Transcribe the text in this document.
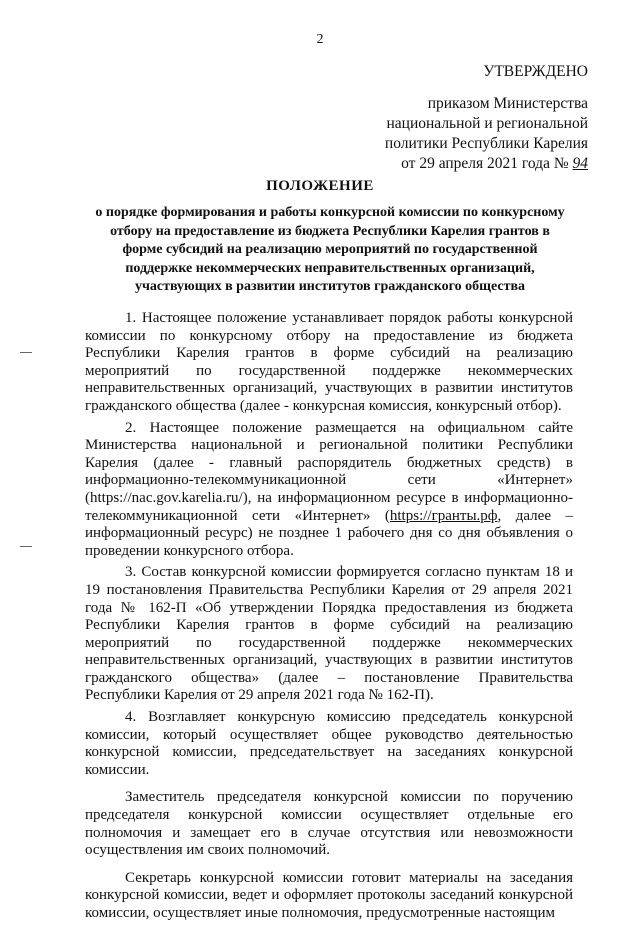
2
УТВЕРЖДЕНО
приказом Министерства
национальной и региональной
политики Республики Карелия
от 29 апреля 2021 года № 94
ПОЛОЖЕНИЕ
о порядке формирования и работы конкурсной комиссии по конкурсному отбору на предоставление из бюджета Республики Карелия грантов в форме субсидий на реализацию мероприятий по государственной поддержке некоммерческих неправительственных организаций, участвующих в развитии институтов гражданского общества

1. Настоящее положение устанавливает порядок работы конкурсной комиссии по конкурсному отбору на предоставление из бюджета Республики Карелия грантов в форме субсидий на реализацию мероприятий по государственной поддержке некоммерческих неправительственных организаций, участвующих в развитии институтов гражданского общества (далее - конкурсная комиссия, конкурсный отбор).

2. Настоящее положение размещается на официальном сайте Министерства национальной и региональной политики Республики Карелия (далее - главный распорядитель бюджетных средств) в информационно-телекоммуникационной сети «Интернет» (https://nac.gov.karelia.ru/), на информационном ресурсе в информационно-телекоммуникационной сети «Интернет» (https://гранты.рф, далее – информационный ресурс) не позднее 1 рабочего дня со дня объявления о проведении конкурсного отбора.

3. Состав конкурсной комиссии формируется согласно пунктам 18 и 19 постановления Правительства Республики Карелия от 29 апреля 2021 года № 162-П «Об утверждении Порядка предоставления из бюджета Республики Карелия грантов в форме субсидий на реализацию мероприятий по государственной поддержке некоммерческих неправительственных организаций, участвующих в развитии институтов гражданского общества» (далее – постановление Правительства Республики Карелия от 29 апреля 2021 года № 162-П).

4. Возглавляет конкурсную комиссию председатель конкурсной комиссии, который осуществляет общее руководство деятельностью конкурсной комиссии, председательствует на заседаниях конкурсной комиссии.

Заместитель председателя конкурсной комиссии по поручению председателя конкурсной комиссии осуществляет отдельные его полномочия и замещает его в случае отсутствия или невозможности осуществления им своих полномочий.

Секретарь конкурсной комиссии готовит материалы на заседания конкурсной комиссии, ведет и оформляет протоколы заседаний конкурсной комиссии, осуществляет иные полномочия, предусмотренные настоящим
